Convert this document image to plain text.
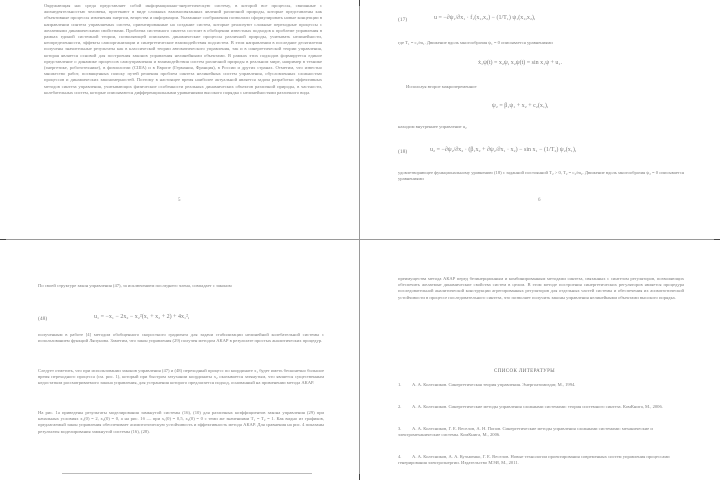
Окружающая нас среда представляет собой информационно-энергетическую систему, в которой все процессы, связанные с жизнедеятельностью человека, протекают в виде сложных взаимосвязанных явлений различной природы, которые представлены как объективные процессы изменения энергии, вещества и информации. Указанные соображения позволили сформулировать новые концепции в направлении синтеза управляемых систем, ориентированные на создание систем, которые реализуют сложные переходные процессы с желаемыми динамическими свойствами. Проблема системного синтеза состоит в обобщении известных подходов к проблеме управления в рамках единой системной теории, позволяющей описывать динамические процессы различной природы, учитывать нелинейности, неопределенности, эффекты самоорганизации и синергетические взаимодействия подсистем. В этом направлении в последние десятилетия получены значительные результаты как в классической теории автоматического управления, так и в синергетической теории управления, которая является основой для построения законов управления нелинейными объектами. В рамках этих подходов формируется единое представление о динамике процессов самоуправления и взаимодействия систем различной природы в реальном мире, например в технике (энергетике, робототехнике), в физиологии (США) и в Европе (Германия, Франция), в России и других странах. Отметим, что известно множество работ, посвященных поиску путей решения проблем синтеза нелинейных систем управления, обусловленных сложностью процессов и динамических закономерностей. Поэтому в настоящее время наиболее актуальной является задача разработки эффективных методов синтеза управления, учитывающих физические особенности реальных динамических объектов различной природы, в частности, колебательных систем, которые описываются дифференциальными уравнениями высокого порядка с нелинейностями различного вида.
5
(17)	u = −∂ψ₁/∂x₁ · f₁(x₁,x₂) − (1/T₁) ψ₁(x₁,x₂),
где T₁ = c₁/m₁. Движение вдоль многообразия ψ₁ = 0 описывается уравнениями
ẋ₁ψ(t) = x₂ψ, x₂ψ(t) = sin x₁ψ + u₁.
Используя второе макропеременное
ψ₂ = β₁ψ₁ + x₂ + c₂(x₁),
находим внутреннее управление u₂
(18)	u₂ = −∂ψ₂/∂x₂ · (β₁x₂ + ∂ψ₂/∂x₁ · x₂) − sin x₁ − (1/T₂) ψ₂(x₁),
удовлетворяющее функциональному уравнению (18) с заданной постоянной T₂ > 0, T₂ = c₂/m₂. Движение вдоль многообразия ψ₂ = 0 описывается уравнениями
6
По своей структуре закон управления (47), за исключением последнего члена, совпадает с законом
(48)	u₁ = −x₁ − 2x₂ − x₂²(x₁ + x₂ + 2) + 4x₁²,
полученным в работе [4] методом обобщенного скоростного градиента для задачи стабилизации нелинейной колебательной системы с использованием функций Ляпунова. Заметим, что закон управления (29) получен методом АКАР в результате простых аналитических процедур.
Следует отметить, что при использовании законов управления (47) и (48) переходный процесс по координате x₁ будет иметь бесконечно большое время переходного процесса (см. рис. 1), который при быстром затухании координаты x₂ оказывается затянутым, что является существенным недостатком рассматриваемого закона управления, для устранения которого предлагается подход, основанный на применении метода АКАР.
На рис. 1а приведены результаты моделирования замкнутой системы (16), (10) для различных коэффициентов закона управления (29) при начальных условиях x₁(0) = 2, x₂(0) = 0, а на рис. 1б — при x₁(0) = 0,5, x₂(0) = 0 с теми же значениями T₁ = T₂ = 1. Как видно из графиков, предлагаемый закон управления обеспечивает асимптотическую устойчивость и эффективность метода АКАР. Для сравнения на рис. 4 показаны результаты моделирования замкнутой системы (16), (28).
преимущества метода АКАР перед безинерционным и комбинированным методами синтеза, связанных с синтезом регуляторов, позволяющих обеспечить желаемые динамические свойства систем в целом. В этом методе построения синергетических регуляторов является процедура последовательной аналитической конструкции агрегированных регуляторов для отдельных частей системы и обеспечения их асимптотической устойчивости в процессе последовательного синтеза, что позволяет получить законы управления нелинейными объектами высокого порядка.
СПИСОК ЛИТЕРАТУРЫ
1. А. А. Колесников. Синергетическая теория управления. Энергоатомиздат, М., 1994.
2. А. А. Колесников. Синергетические методы управления сложными системами: теория системного синтеза. КомКнига, М., 2006.
3. А. А. Колесников, Г. Е. Веселов, А. Н. Попов. Синергетические методы управления сложными системами: механические и электромеханические системы. КомКнига, М., 2006.
4. А. А. Колесников, А. А. Кузьменко, Г. Е. Веселов. Новые технологии проектирования современных систем управления процессами генерирования электроэнергии. Издательство МЭИ, М., 2011.
